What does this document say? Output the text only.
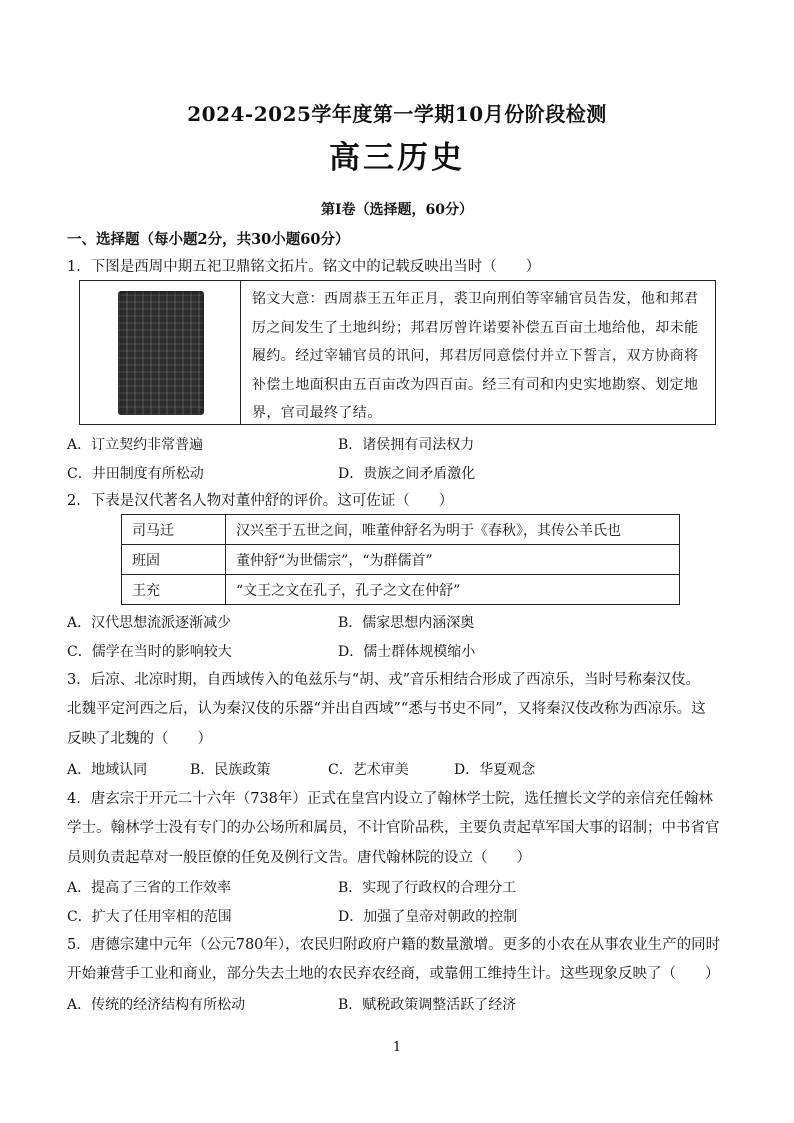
2024-2025学年度第一学期10月份阶段检测
高三历史
第Ⅰ卷（选择题，60分）
一、选择题（每小题2分，共30小题60分）
1．下图是西周中期五祀卫鼎铭文拓片。铭文中的记载反映出当时（　　）
铭文大意：西周恭王五年正月，裘卫向刑伯等宰辅官员告发，他和邦君厉之间发生了土地纠纷；邦君厉曾许诺要补偿五百亩土地给他，却未能履约。经过宰辅官员的讯问，邦君厉同意偿付并立下誓言，双方协商将补偿土地面积由五百亩改为四百亩。经三有司和内史实地勘察、划定地界，官司最终了结。
A．订立契约非常普遍	B．诸侯拥有司法权力
C．井田制度有所松动	D．贵族之间矛盾激化
2．下表是汉代著名人物对董仲舒的评价。这可佐证（　　）
司马迁	汉兴至于五世之间，唯董仲舒名为明于《春秋》，其传公羊氏也
班固	董仲舒“为世儒宗”，“为群儒首”
王充	“文王之文在孔子，孔子之文在仲舒”
A．汉代思想流派逐渐减少	B．儒家思想内涵深奥
C．儒学在当时的影响较大	D．儒士群体规模缩小
3．后凉、北凉时期，自西域传入的龟兹乐与“胡、戎”音乐相结合形成了西凉乐，当时号称秦汉伎。
北魏平定河西之后，认为秦汉伎的乐器“并出自西域”“悉与书史不同”，又将秦汉伎改称为西凉乐。这
反映了北魏的（　　）
A．地域认同	B．民族政策	C．艺术审美	D．华夏观念
4．唐玄宗于开元二十六年（738年）正式在皇宫内设立了翰林学士院，选任擅长文学的亲信充任翰林
学士。翰林学士没有专门的办公场所和属员，不计官阶品秩，主要负责起草军国大事的诏制；中书省官
员则负责起草对一般臣僚的任免及例行文告。唐代翰林院的设立（　　）
A．提高了三省的工作效率	B．实现了行政权的合理分工
C．扩大了任用宰相的范围	D．加强了皇帝对朝政的控制
5．唐德宗建中元年（公元780年），农民归附政府户籍的数量激增。更多的小农在从事农业生产的同时
开始兼营手工业和商业，部分失去土地的农民弃农经商，或靠佣工维持生计。这些现象反映了（　　）
A．传统的经济结构有所松动	B．赋税政策调整活跃了经济
1
